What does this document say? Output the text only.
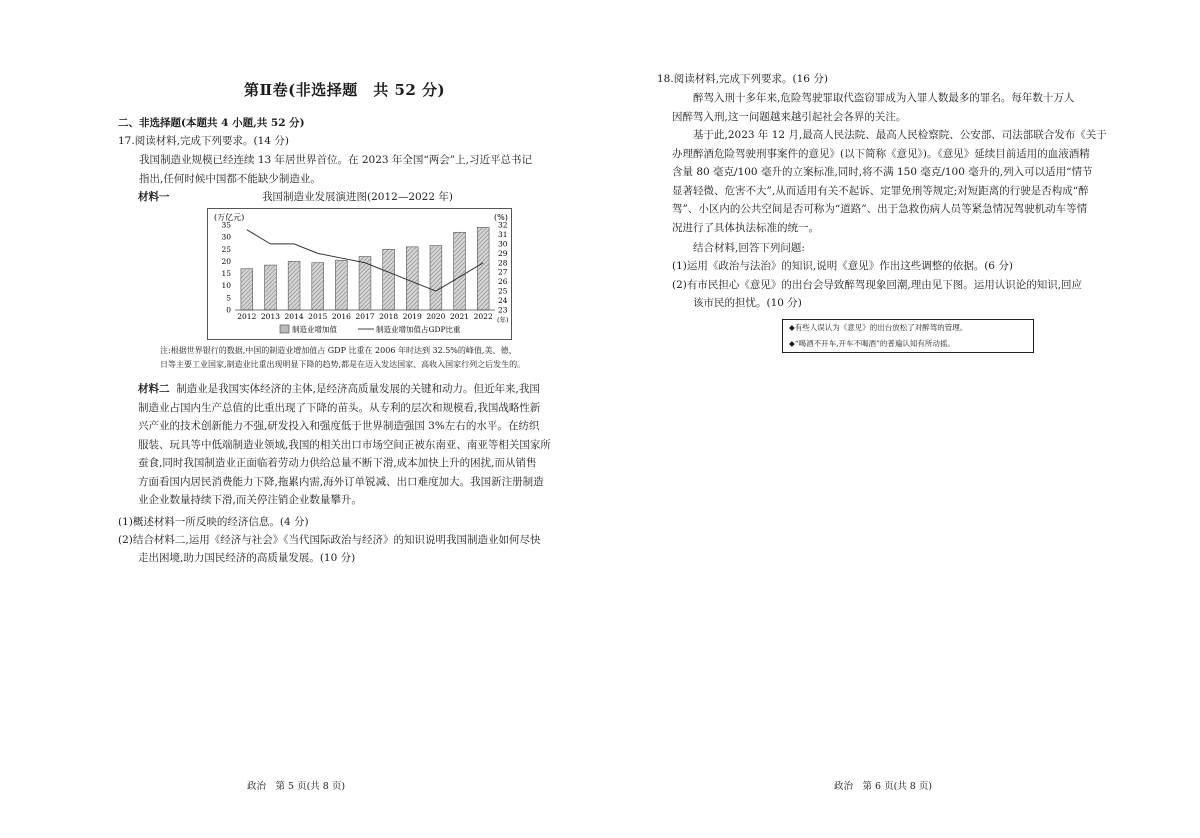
第Ⅱ卷(非选择题　共 52 分)
二、非选择题(本题共 4 小题,共 52 分)
17.阅读材料,完成下列要求。(14 分)

我国制造业规模已经连续 13 年居世界首位。在 2023 年全国“两会”上,习近平总书记

指出,任何时候中国都不能缺少制造业。

材料一	我国制造业发展演进图(2012—2022 年)
(万亿元)	(%)
(年)
0
5
10
15
20
25
30
35
23
24
25
26
27
28
29
30
31
32
2012 2013 2014 2015 2016 2017 2018 2019 2020 2021 2022
制造业增加值	制造业增加值占GDP比重

注:根据世界银行的数据,中国的制造业增加值占 GDP 比重在 2006 年时达到 32.5%的峰值,美、德、

日等主要工业国家,制造业比重出现明显下降的趋势,都是在迈入发达国家、高收入国家行列之后发生的。

材料二 制造业是我国实体经济的主体,是经济高质量发展的关键和动力。但近年来,我国

制造业占国内生产总值的比重出现了下降的苗头。从专利的层次和规模看,我国战略性新

兴产业的技术创新能力不强,研发投入和强度低于世界制造强国 3%左右的水平。在纺织

服装、玩具等中低端制造业领域,我国的相关出口市场空间正被东南亚、南亚等相关国家所

蚕食,同时我国制造业正面临着劳动力供给总量不断下滑,成本加快上升的困扰,而从销售

方面看国内居民消费能力下降,拖累内需,海外订单锐减、出口难度加大。我国新注册制造

业企业数量持续下滑,而关停注销企业数量攀升。

(1)概述材料一所反映的经济信息。(4 分)
(2)结合材料二,运用《经济与社会》《当代国际政治与经济》的知识说明我国制造业如何尽快
走出困境,助力国民经济的高质量发展。(10 分)
政治　第 5 页(共 8 页)
18.阅读材料,完成下列要求。(16 分)

醉驾入刑十多年来,危险驾驶罪取代盗窃罪成为入罪人数最多的罪名。每年数十万人

因醉驾入刑,这一问题越来越引起社会各界的关注。

基于此,2023 年 12 月,最高人民法院、最高人民检察院、公安部、司法部联合发布《关于

办理醉酒危险驾驶刑事案件的意见》(以下简称《意见》)。《意见》延续目前适用的血液酒精

含量 80 毫克/100 毫升的立案标准,同时,将不满 150 毫克/100 毫升的,列入可以适用“情节

显著轻微、危害不大”,从而适用有关不起诉、定罪免刑等规定;对短距离的行驶是否构成“醉

驾”、小区内的公共空间是否可称为“道路”、出于急救伤病人员等紧急情况驾驶机动车等情

况进行了具体执法标准的统一。

结合材料,回答下列问题:
(1)运用《政治与法治》的知识,说明《意见》作出这些调整的依据。(6 分)
(2)有市民担心《意见》的出台会导致醉驾现象回潮,理由见下图。运用认识论的知识,回应
该市民的担忧。(10 分)
政治　第 6 页(共 8 页)
◆有些人误认为《意见》的出台放松了对醉驾的管理。
◆“喝酒不开车,开车不喝酒”的普遍认知有所动摇。
